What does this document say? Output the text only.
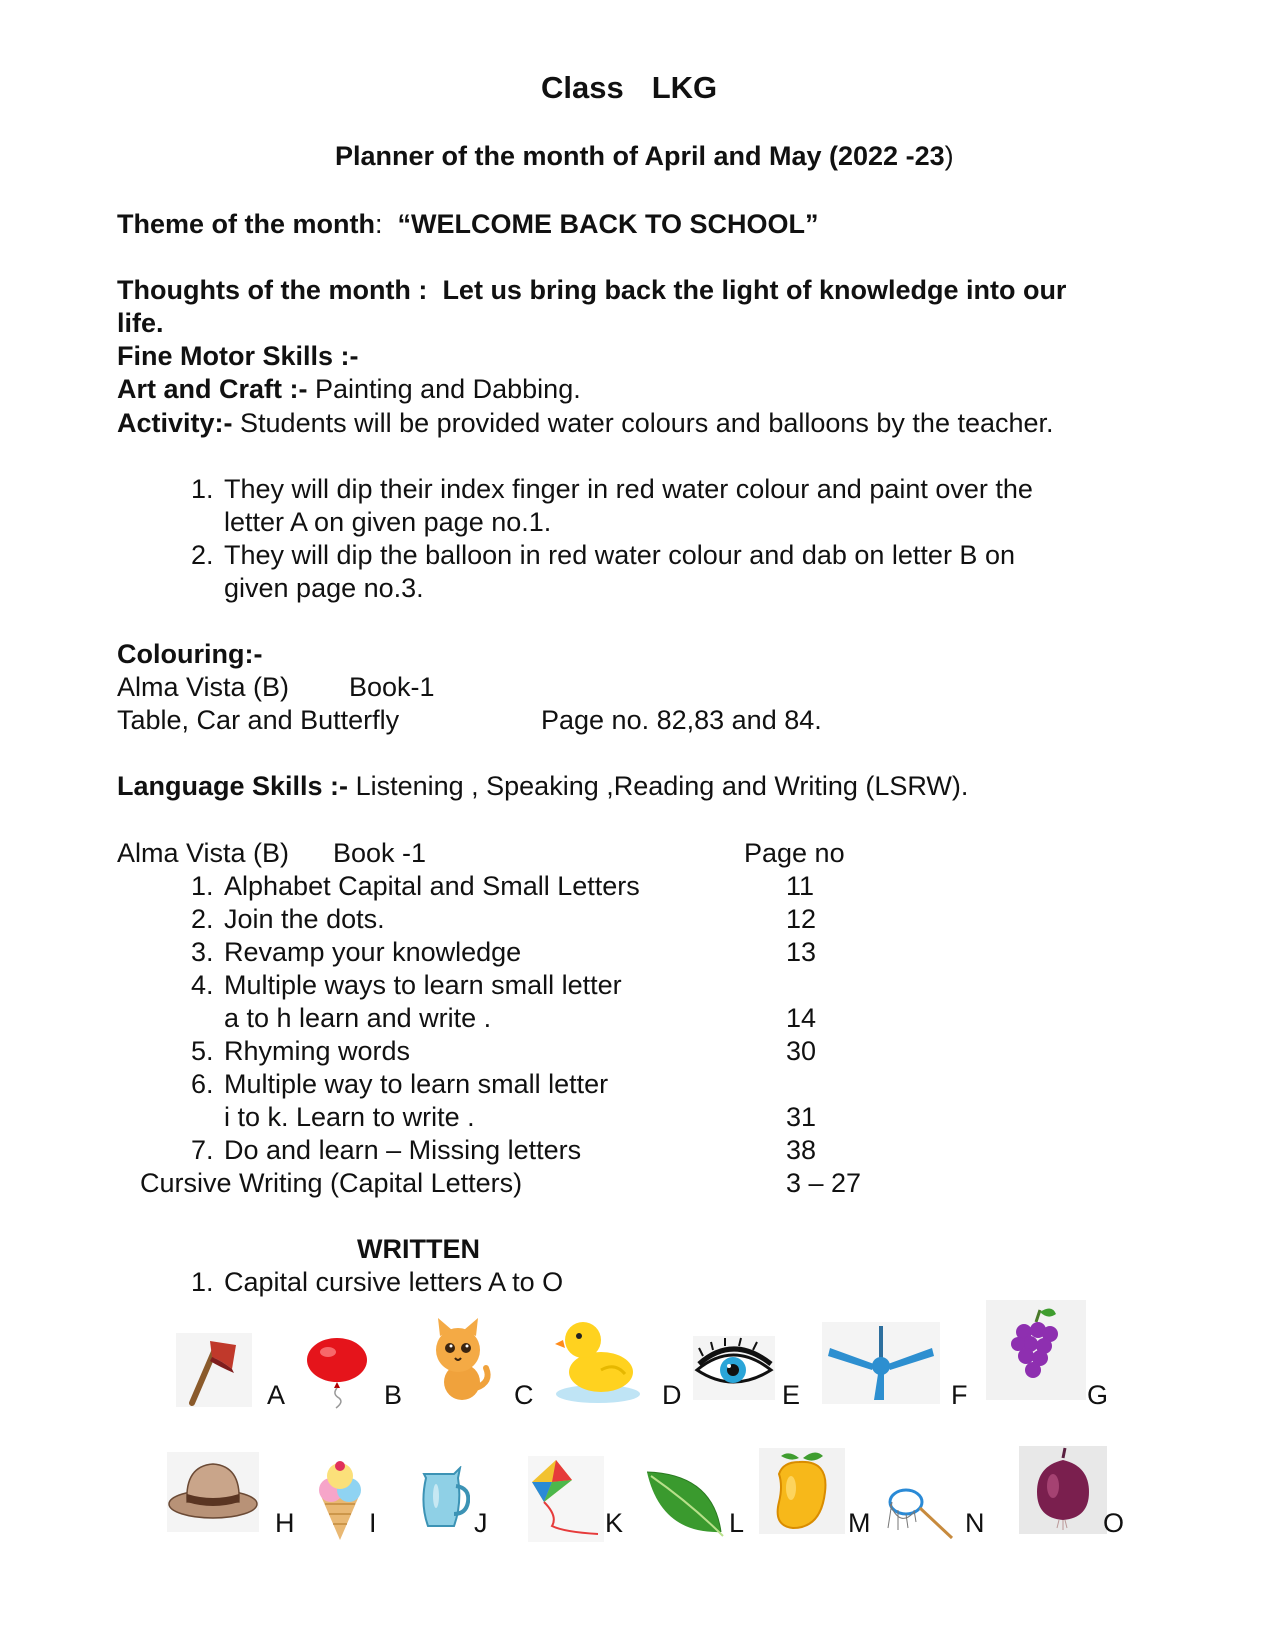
Class LKG
Planner of the month of April and May (2022 -23)
Theme of the month: “WELCOME BACK TO SCHOOL”
Thoughts of the month : Let us bring back the light of knowledge into our
life.
Fine Motor Skills :-
Art and Craft :- Painting and Dabbing.
Activity:- Students will be provided water colours and balloons by the teacher.
1. They will dip their index finger in red water colour and paint over the
letter A on given page no.1.
2. They will dip the balloon in red water colour and dab on letter B on
given page no.3.
Colouring:-
Alma Vista (B) Book-1
Table, Car and Butterfly	Page no. 82,83 and 84.
Language Skills :- Listening , Speaking ,Reading and Writing (LSRW).
Alma Vista (B) Book -1	Page no
1. Alphabet Capital and Small Letters	11
2. Join the dots.	12
3. Revamp your knowledge	13
4. Multiple ways to learn small letter
a to h learn and write .	14
5. Rhyming words	30
6. Multiple way to learn small letter
i to k. Learn to write .	31
7. Do and learn – Missing letters	38
Cursive Writing (Capital Letters)	3 – 27
WRITTEN
1. Capital cursive letters A to O
A	B	C	D	E	F	G
H	I	J	K	L	M	N	O
